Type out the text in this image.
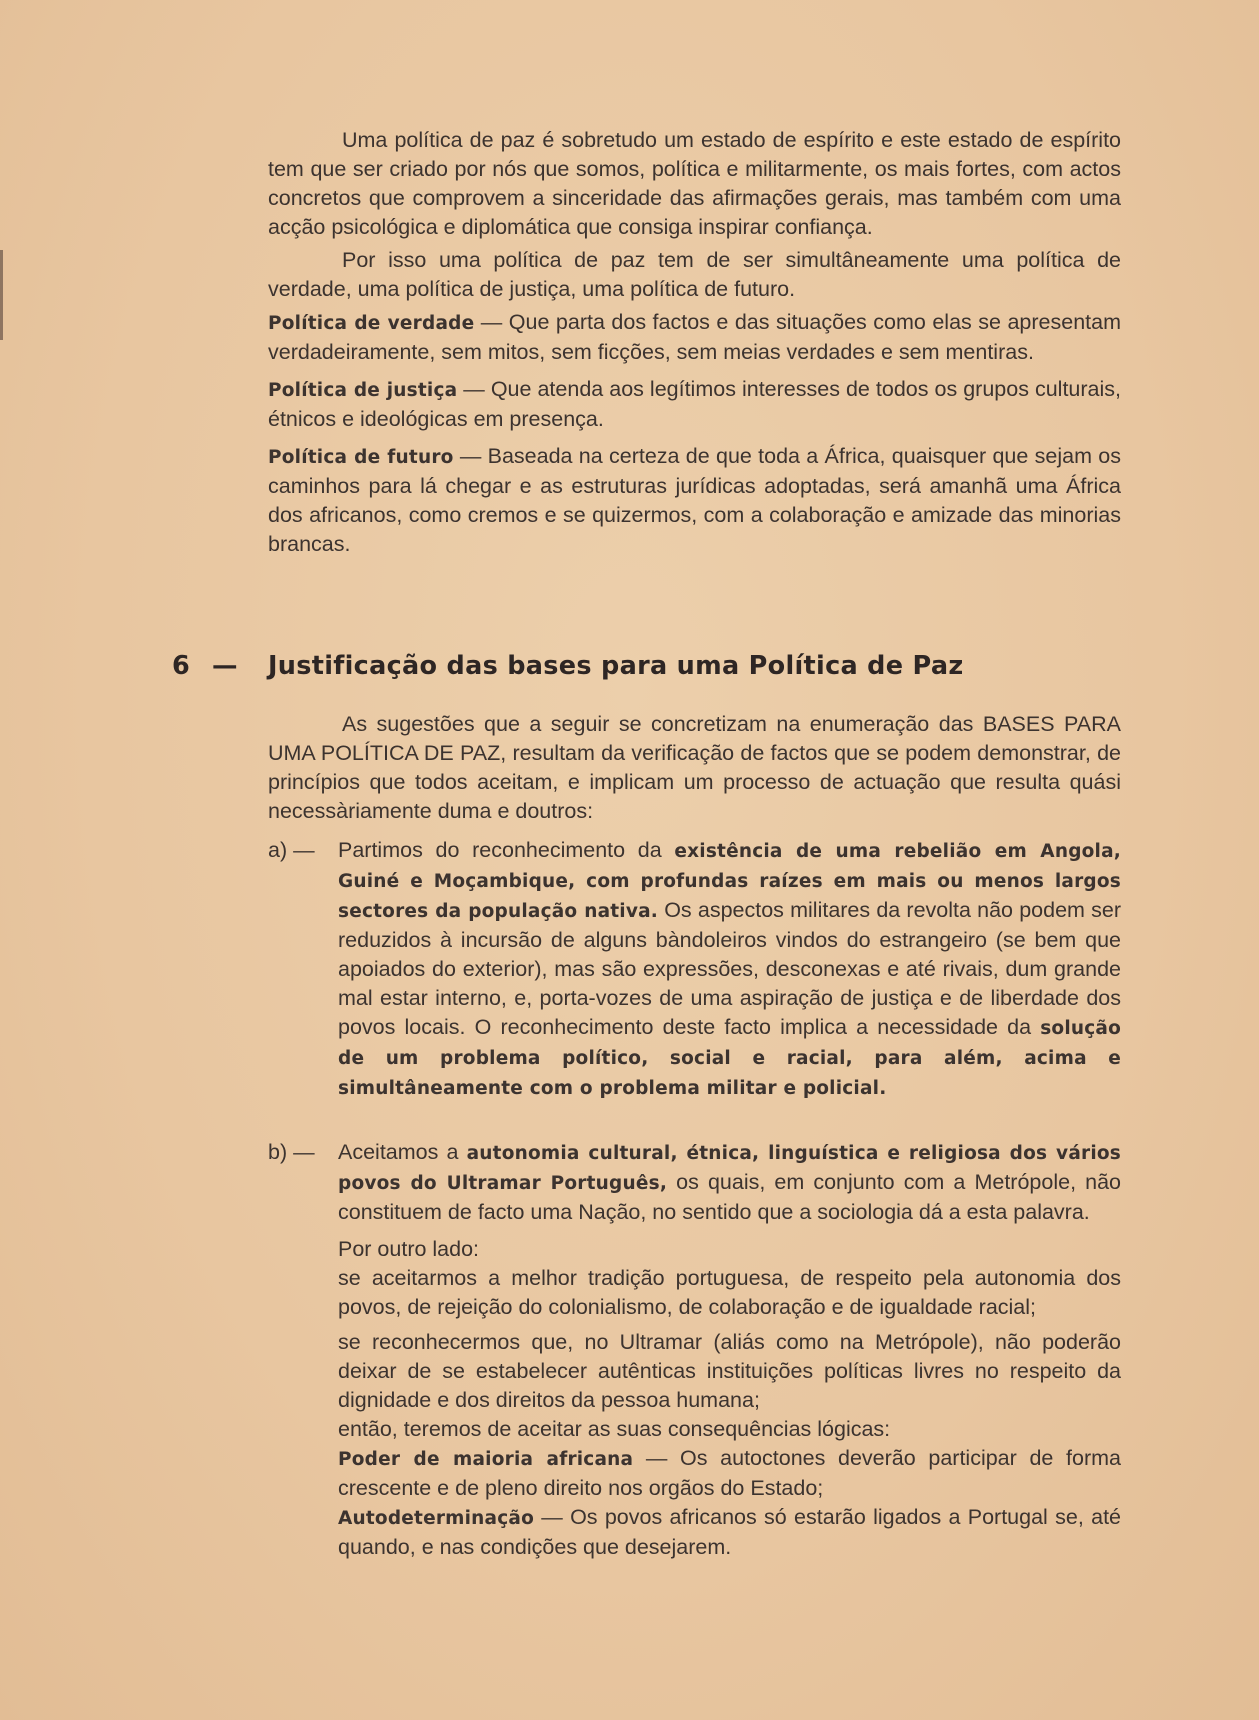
Uma política de paz é sobretudo um estado de espírito e este estado de espírito tem que ser criado por nós que somos, política e militarmente, os mais fortes, com actos concretos que comprovem a sinceridade das afirmações gerais, mas também com uma acção psicológica e diplomática que consiga inspirar confiança.

Por isso uma política de paz tem de ser simultâneamente uma política de verdade, uma política de justiça, uma política de futuro.

Política de verdade — Que parta dos factos e das situações como elas se apresentam verdadeiramente, sem mitos, sem ficções, sem meias verdades e sem mentiras.

Política de justiça — Que atenda aos legítimos interesses de todos os grupos culturais, étnicos e ideológicas em presença.

Política de futuro — Baseada na certeza de que toda a África, quaisquer que sejam os caminhos para lá chegar e as estruturas jurídicas adoptadas, será amanhã uma África dos africanos, como cremos e se quizermos, com a colaboração e amizade das minorias brancas.

6 — Justificação das bases para uma Política de Paz

As sugestões que a seguir se concretizam na enumeração das BASES PARA UMA POLÍTICA DE PAZ, resultam da verificação de factos que se podem demonstrar, de princípios que todos aceitam, e implicam um processo de actuação que resulta quási necessàriamente duma e doutros:

a) — Partimos do reconhecimento da existência de uma rebelião em Angola, Guiné e Moçambique, com profundas raízes em mais ou menos largos sectores da população nativa. Os aspectos militares da revolta não podem ser reduzidos à incursão de alguns bàndoleiros vindos do estrangeiro (se bem que apoiados do exterior), mas são expressões, desconexas e até rivais, dum grande mal estar interno, e, porta-vozes de uma aspiração de justiça e de liberdade dos povos locais. O reconhecimento deste facto implica a necessidade da solução de um problema político, social e racial, para além, acima e simultâneamente com o problema militar e policial.

b) — Aceitamos a autonomia cultural, étnica, linguística e religiosa dos vários povos do Ultramar Português, os quais, em conjunto com a Metrópole, não constituem de facto uma Nação, no sentido que a sociologia dá a esta palavra.

Por outro lado:

se aceitarmos a melhor tradição portuguesa, de respeito pela autonomia dos povos, de rejeição do colonialismo, de colaboração e de igualdade racial;

se reconhecermos que, no Ultramar (aliás como na Metrópole), não poderão deixar de se estabelecer autênticas instituições políticas livres no respeito da dignidade e dos direitos da pessoa humana;

então, teremos de aceitar as suas consequências lógicas:

Poder de maioria africana — Os autoctones deverão participar de forma crescente e de pleno direito nos orgãos do Estado;

Autodeterminação — Os povos africanos só estarão ligados a Portugal se, até quando, e nas condições que desejarem.
